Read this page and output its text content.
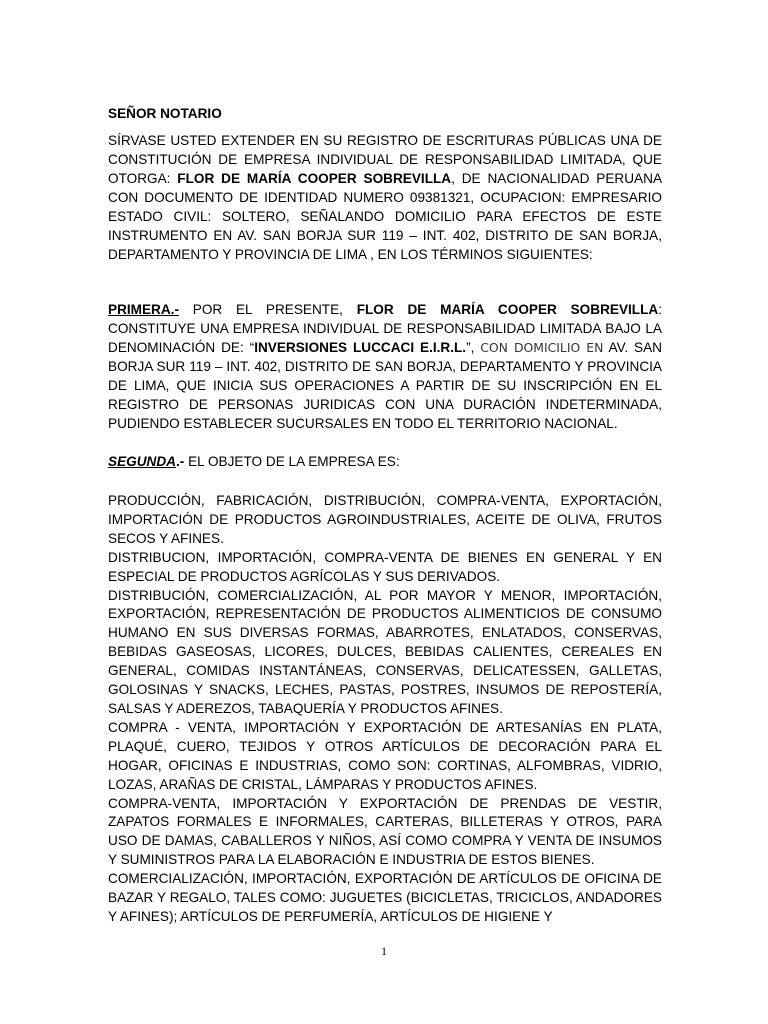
SEÑOR NOTARIO

SÍRVASE USTED EXTENDER EN SU REGISTRO DE ESCRITURAS PÚBLICAS UNA DE CONSTITUCIÓN DE EMPRESA INDIVIDUAL DE RESPONSABILIDAD LIMITADA, QUE OTORGA: FLOR DE MARÍA COOPER SOBREVILLA, DE NACIONALIDAD PERUANA CON DOCUMENTO DE IDENTIDAD NUMERO 09381321, OCUPACION: EMPRESARIO ESTADO CIVIL: SOLTERO, SEÑALANDO DOMICILIO PARA EFECTOS DE ESTE INSTRUMENTO EN AV. SAN BORJA SUR 119 – INT. 402, DISTRITO DE SAN BORJA, DEPARTAMENTO Y PROVINCIA DE LIMA , EN LOS TÉRMINOS SIGUIENTES:

PRIMERA.- POR EL PRESENTE, FLOR DE MARÍA COOPER SOBREVILLA: CONSTITUYE UNA EMPRESA INDIVIDUAL DE RESPONSABILIDAD LIMITADA BAJO LA DENOMINACIÓN DE: “INVERSIONES LUCCACI E.I.R.L.”, CON DOMICILIO EN AV. SAN BORJA SUR 119 – INT. 402, DISTRITO DE SAN BORJA, DEPARTAMENTO Y PROVINCIA DE LIMA, QUE INICIA SUS OPERACIONES A PARTIR DE SU INSCRIPCIÓN EN EL REGISTRO DE PERSONAS JURIDICAS CON UNA DURACIÓN INDETERMINADA, PUDIENDO ESTABLECER SUCURSALES EN TODO EL TERRITORIO NACIONAL.

SEGUNDA.- EL OBJETO DE LA EMPRESA ES:

PRODUCCIÓN, FABRICACIÓN, DISTRIBUCIÓN, COMPRA-VENTA, EXPORTACIÓN, IMPORTACIÓN DE PRODUCTOS AGROINDUSTRIALES, ACEITE DE OLIVA, FRUTOS SECOS Y AFINES.

DISTRIBUCION, IMPORTACIÓN, COMPRA-VENTA DE BIENES EN GENERAL Y EN ESPECIAL DE PRODUCTOS AGRÍCOLAS Y SUS DERIVADOS.

DISTRIBUCIÓN, COMERCIALIZACIÓN, AL POR MAYOR Y MENOR, IMPORTACIÓN, EXPORTACIÓN, REPRESENTACIÓN DE PRODUCTOS ALIMENTICIOS DE CONSUMO HUMANO EN SUS DIVERSAS FORMAS, ABARROTES, ENLATADOS, CONSERVAS, BEBIDAS GASEOSAS, LICORES, DULCES, BEBIDAS CALIENTES, CEREALES EN GENERAL, COMIDAS INSTANTÁNEAS, CONSERVAS, DELICATESSEN, GALLETAS, GOLOSINAS Y SNACKS, LECHES, PASTAS, POSTRES, INSUMOS DE REPOSTERÍA, SALSAS Y ADEREZOS, TABAQUERÍA Y PRODUCTOS AFINES.

COMPRA - VENTA, IMPORTACIÓN Y EXPORTACIÓN DE ARTESANÍAS EN PLATA, PLAQUÉ, CUERO, TEJIDOS Y OTROS ARTÍCULOS DE DECORACIÓN PARA EL HOGAR, OFICINAS E INDUSTRIAS, COMO SON: CORTINAS, ALFOMBRAS, VIDRIO, LOZAS, ARAÑAS DE CRISTAL, LÁMPARAS Y PRODUCTOS AFINES.

COMPRA-VENTA, IMPORTACIÓN Y EXPORTACIÓN DE PRENDAS DE VESTIR, ZAPATOS FORMALES E INFORMALES, CARTERAS, BILLETERAS Y OTROS, PARA USO DE DAMAS, CABALLEROS Y NIÑOS, ASÍ COMO COMPRA Y VENTA DE INSUMOS Y SUMINISTROS PARA LA ELABORACIÓN E INDUSTRIA DE ESTOS BIENES.

COMERCIALIZACIÓN, IMPORTACIÓN, EXPORTACIÓN DE ARTÍCULOS DE OFICINA DE BAZAR Y REGALO, TALES COMO: JUGUETES (BICICLETAS, TRICICLOS, ANDADORES Y AFINES); ARTÍCULOS DE PERFUMERÍA, ARTÍCULOS DE HIGIENE Y

1
